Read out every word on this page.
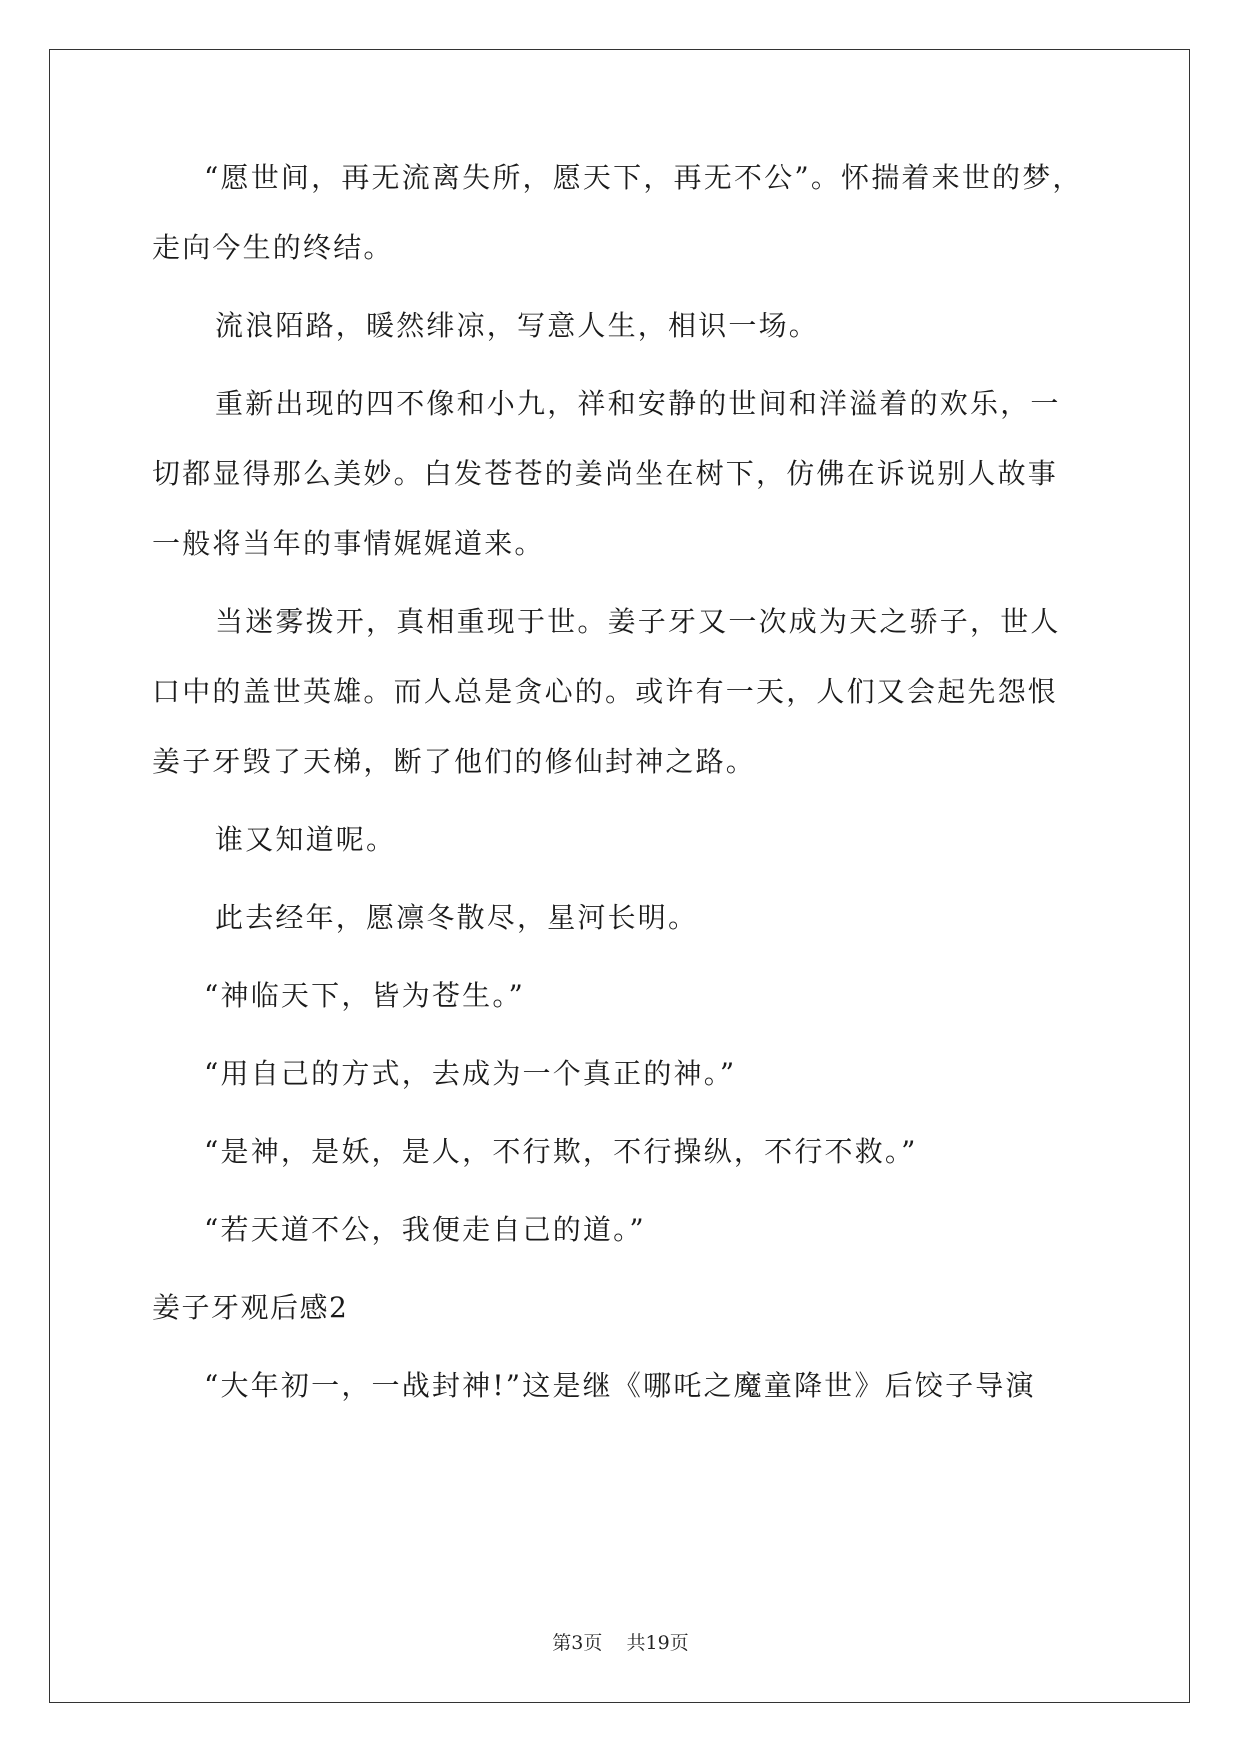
“愿世间，再无流离失所，愿天下，再无不公”。怀揣着来世的梦，
走向今生的终结。
流浪陌路，暖然绯凉，写意人生，相识一场。
重新出现的四不像和小九，祥和安静的世间和洋溢着的欢乐，一
切都显得那么美妙。白发苍苍的姜尚坐在树下，仿佛在诉说别人故事
一般将当年的事情娓娓道来。
当迷雾拨开，真相重现于世。姜子牙又一次成为天之骄子，世人
口中的盖世英雄。而人总是贪心的。或许有一天，人们又会起先怨恨
姜子牙毁了天梯，断了他们的修仙封神之路。
谁又知道呢。
此去经年，愿凛冬散尽，星河长明。
“神临天下，皆为苍生。”
“用自己的方式，去成为一个真正的神。”
“是神，是妖，是人，不行欺，不行操纵，不行不救。”
“若天道不公，我便走自己的道。”
姜子牙观后感2
“大年初一，一战封神!”这是继《哪吒之魔童降世》后饺子导演
第3页 共19页
